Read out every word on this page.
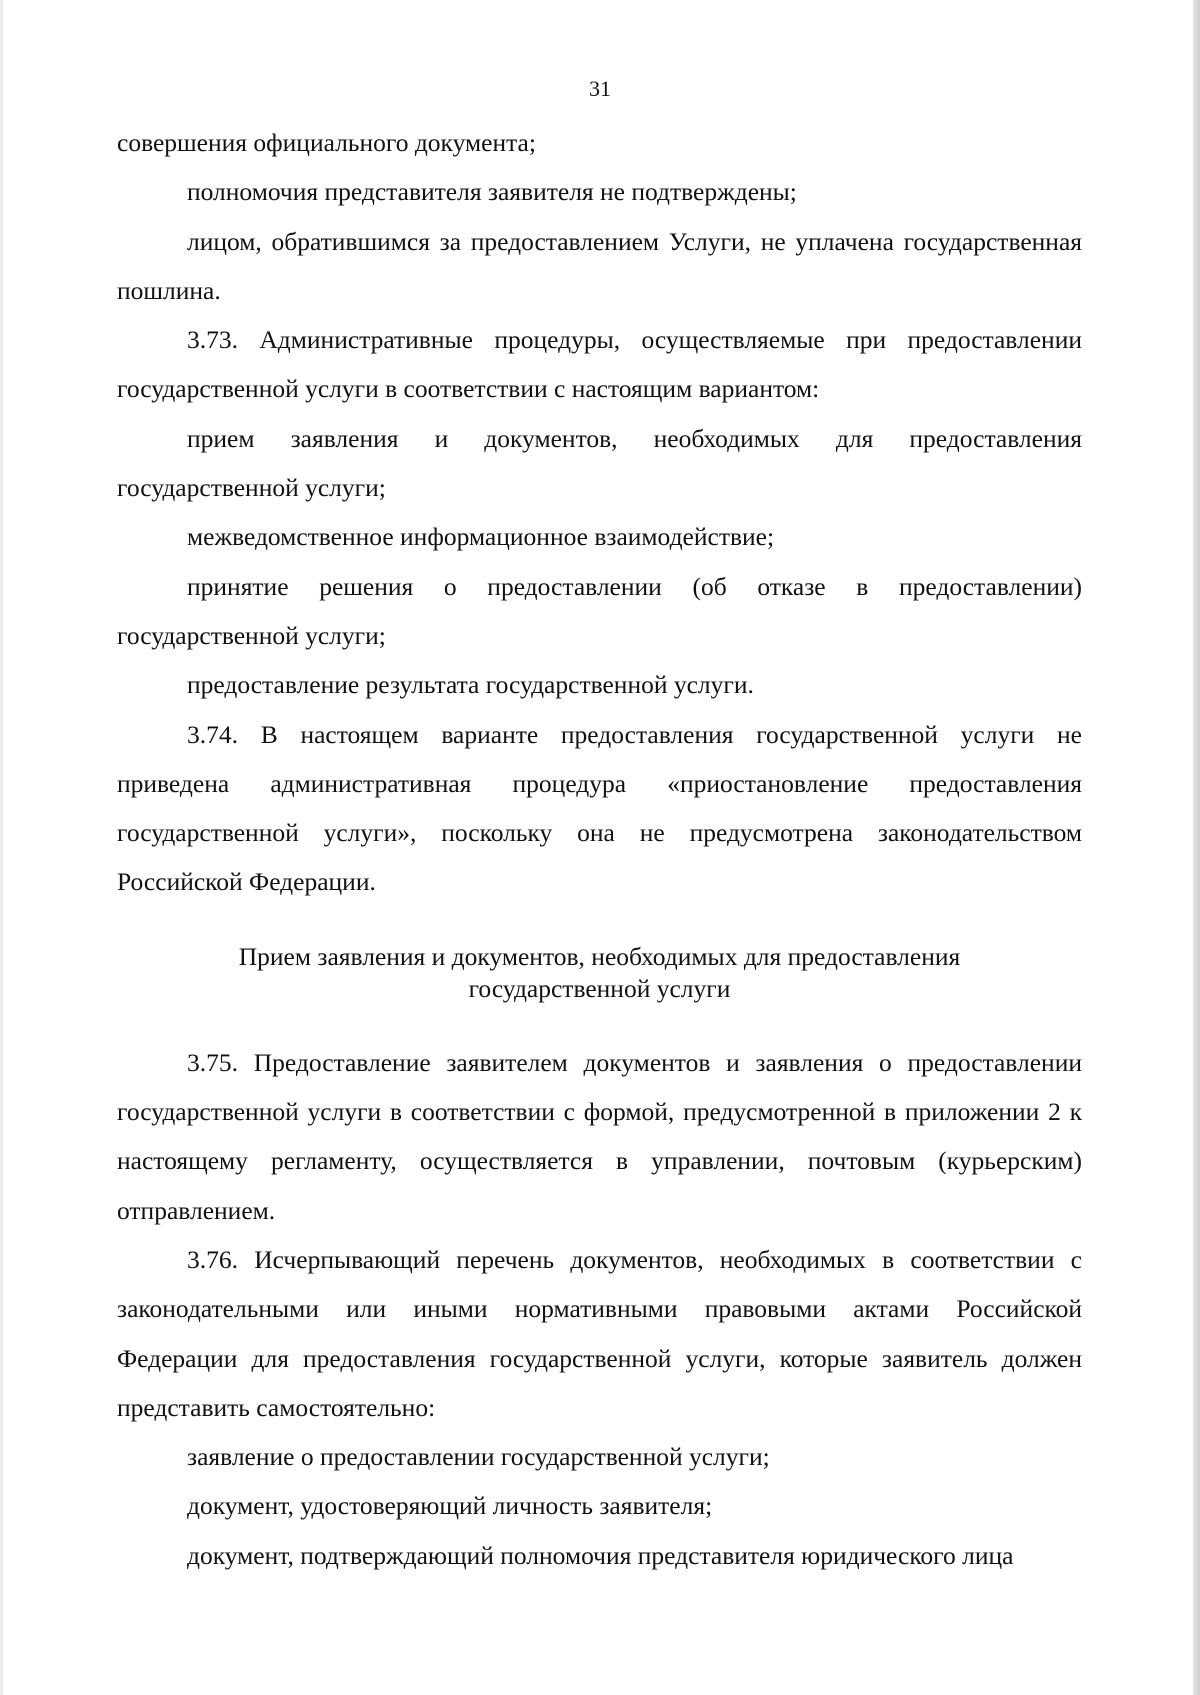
31

совершения официального документа;

полномочия представителя заявителя не подтверждены;

лицом, обратившимся за предоставлением Услуги, не уплачена государственная пошлина.

3.73. Административные процедуры, осуществляемые при предоставлении государственной услуги в соответствии с настоящим вариантом:

прием заявления и документов, необходимых для предоставления государственной услуги;

межведомственное информационное взаимодействие;

принятие решения о предоставлении (об отказе в предоставлении) государственной услуги;

предоставление результата государственной услуги.

3.74. В настоящем варианте предоставления государственной услуги не приведена административная процедура «приостановление предоставления государственной услуги», поскольку она не предусмотрена законодательством Российской Федерации.

Прием заявления и документов, необходимых для предоставления
государственной услуги

3.75. Предоставление заявителем документов и заявления о предоставлении государственной услуги в соответствии с формой, предусмотренной в приложении 2 к настоящему регламенту, осуществляется в управлении, почтовым (курьерским) отправлением.

3.76. Исчерпывающий перечень документов, необходимых в соответствии с законодательными или иными нормативными правовыми актами Российской Федерации для предоставления государственной услуги, которые заявитель должен представить самостоятельно:

заявление о предоставлении государственной услуги;

документ, удостоверяющий личность заявителя;

документ, подтверждающий полномочия представителя юридического лица
